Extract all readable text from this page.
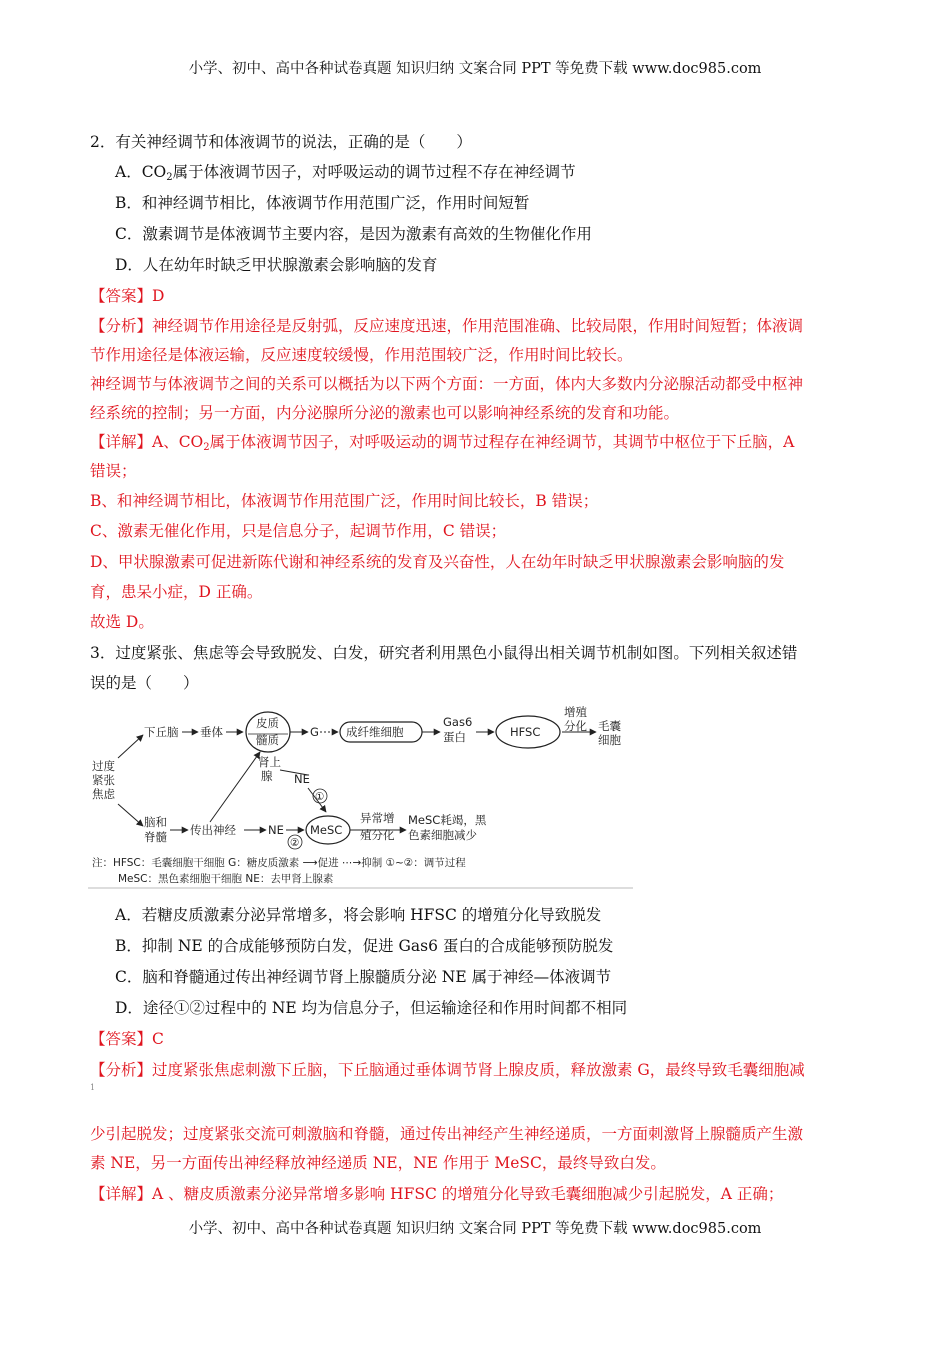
小学、初中、高中各种试卷真题 知识归纳 文案合同 PPT 等免费下载 www.doc985.com
2．有关神经调节和体液调节的说法，正确的是（　　）
A．$CO_2$属于体液调节因子，对呼吸运动的调节过程不存在神经调节
B．和神经调节相比，体液调节作用范围广泛，作用时间短暂
C．激素调节是体液调节主要内容，是因为激素有高效的生物催化作用
D．人在幼年时缺乏甲状腺激素会影响脑的发育
【答案】D
【分析】神经调节作用途径是反射弧，反应速度迅速，作用范围准确、比较局限，作用时间短暂；体液调
节作用途径是体液运输，反应速度较缓慢，作用范围较广泛，作用时间比较长。
神经调节与体液调节之间的关系可以概括为以下两个方面：一方面，体内大多数内分泌腺活动都受中枢神
经系统的控制；另一方面，内分泌腺所分泌的激素也可以影响神经系统的发育和功能。
【详解】A、$CO_2$属于体液调节因子，对呼吸运动的调节过程存在神经调节，其调节中枢位于下丘脑，A
错误；
B、和神经调节相比，体液调节作用范围广泛，作用时间比较长，B 错误；
C、激素无催化作用，只是信息分子，起调节作用，C 错误；
D、甲状腺激素可促进新陈代谢和神经系统的发育及兴奋性，人在幼年时缺乏甲状腺激素会影响脑的发
育，患呆小症，D 正确。
故选 D。
3．过度紧张、焦虑等会导致脱发、白发，研究者利用黑色小鼠得出相关调节机制如图。下列相关叙述错
误的是（　　）
过度
紧张
焦虑
下丘脑 垂体
皮质
髓质
G 成纤维细胞
Gas6
蛋白	HFSC
增殖
分化 毛囊
细胞
肾上
腺 NE
①
脑和
脊髓 传出神经	NE
②
MeSC
异常增
殖分化
MeSC耗竭，黑
色素细胞减少
注：HFSC：毛囊细胞干细胞 G：糖皮质激素 ⟶促进 ⋯→抑制 ①~②：调节过程
MeSC：黑色素细胞干细胞 NE：去甲肾上腺素
A．若糖皮质激素分泌异常增多，将会影响 HFSC 的增殖分化导致脱发
B．抑制 NE 的合成能够预防白发，促进 Gas6 蛋白的合成能够预防脱发
C．脑和脊髓通过传出神经调节肾上腺髓质分泌 NE 属于神经—体液调节
D．途径①②过程中的 NE 均为信息分子，但运输途径和作用时间都不相同
【答案】C
【分析】过度紧张焦虑刺激下丘脑，下丘脑通过垂体调节肾上腺皮质，释放激素 G，最终导致毛囊细胞减
1
少引起脱发；过度紧张交流可刺激脑和脊髓，通过传出神经产生神经递质，一方面刺激肾上腺髓质产生激
素 NE，另一方面传出神经释放神经递质 NE，NE 作用于 MeSC，最终导致白发。
【详解】A 、糖皮质激素分泌异常增多影响 HFSC 的增殖分化导致毛囊细胞减少引起脱发，A 正确；
小学、初中、高中各种试卷真题 知识归纳 文案合同 PPT 等免费下载 www.doc985.com
